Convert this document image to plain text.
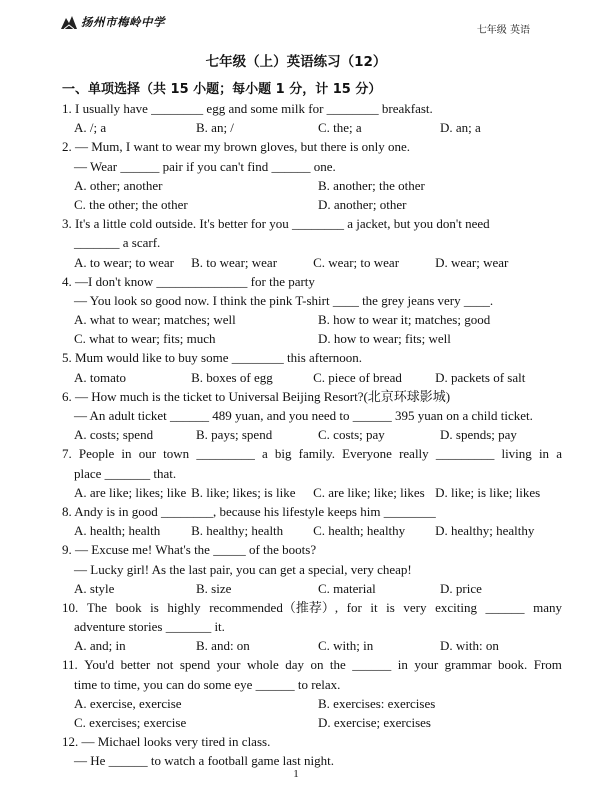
扬州市梅岭中学
七年级 英语
七年级（上）英语练习（12）
一、单项选择（共 15 小题；每小题 1 分，计 15 分）
1. I usually have ________ egg and some milk for ________ breakfast.
A. /; a	B. an; /	C. the; a	D. an; a
2. — Mum, I want to wear my brown gloves, but there is only one.
— Wear ______ pair if you can't find ______ one.
A. other; another	B. another; the other
C. the other; the other	D. another; other
3. It's a little cold outside. It's better for you ________ a jacket, but you don't need
_______ a scarf.
A. to wear; to wear	B. to wear; wear	C. wear; to wear	D. wear; wear
4. —I don't know ______________ for the party
— You look so good now. I think the pink T-shirt ____ the grey jeans very ____.
A. what to wear; matches; well	B. how to wear it; matches; good
C. what to wear; fits; much	D. how to wear; fits; well
5. Mum would like to buy some ________ this afternoon.
A. tomato	B. boxes of egg	C. piece of bread	D. packets of salt
6. — How much is the ticket to Universal Beijing Resort?(北京环球影城)
— An adult ticket ______ 489 yuan, and you need to ______ 395 yuan on a child ticket.
A. costs; spend	B. pays; spend	C. costs; pay	D. spends; pay
7. People in our town _________ a big family. Everyone really _________ living in a
place _______ that.
A. are like; likes; like B. like; likes; is like	C. are like; like; likes D. like; is like; likes
8. Andy is in good ________, because his lifestyle keeps him ________
A. health; health	B. healthy; health	C. health; healthy	D. healthy; healthy
9. — Excuse me! What's the _____ of the boots?
— Lucky girl! As the last pair, you can get a special, very cheap!
A. style	B. size	C. material	D. price
10. The book is highly recommended（推荐）, for it is very exciting ______ many
adventure stories _______ it.
A. and; in	B. and: on	C. with; in	D. with: on
11. You'd better not spend your whole day on the ______ in your grammar book. From
time to time, you can do some eye ______ to relax.
A. exercise, exercise	B. exercises: exercises
C. exercises; exercise	D. exercise; exercises
12. — Michael looks very tired in class.
— He ______ to watch a football game last night.
1
